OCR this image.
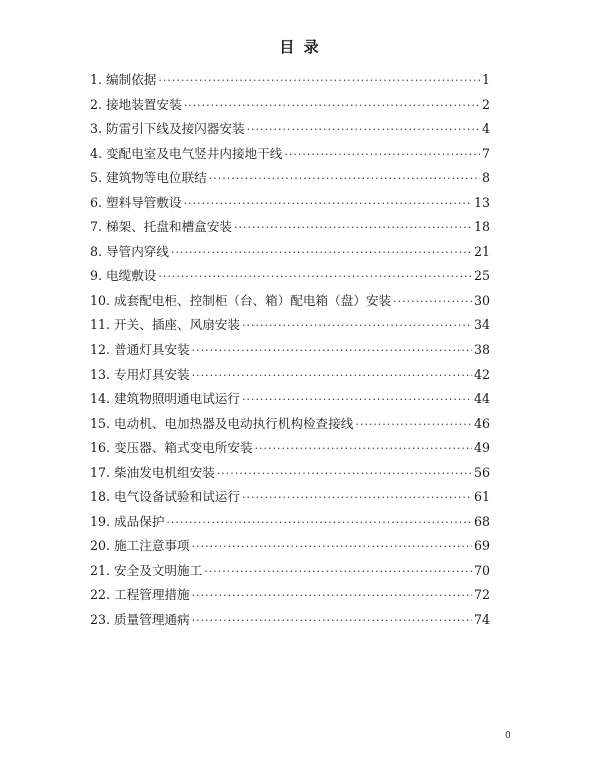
目 录
1. 编制依据 ·····	1
2. 接地装置安装 ·····	2
3. 防雷引下线及接闪器安装 ·····	4
4. 变配电室及电气竖井内接地干线 ·····	7
5. 建筑物等电位联结 ·····	8
6. 塑料导管敷设 ·····	13
7. 梯架、托盘和槽盒安装 ·····	18
8. 导管内穿线 ·····	21
9. 电缆敷设 ·····	25
10. 成套配电柜、控制柜（台、箱）配电箱（盘）安装 ·····	30
11. 开关、插座、风扇安装 ·····	34
12. 普通灯具安装 ·····	38
13. 专用灯具安装 ·····	42
14. 建筑物照明通电试运行 ·····	44
15. 电动机、电加热器及电动执行机构检查接线 ·····	46
16. 变压器、箱式变电所安装 ·····	49
17. 柴油发电机组安装 ·····	56
18. 电气设备试验和试运行 ·····	61
19. 成品保护 ·····	68
20. 施工注意事项 ·····	69
21. 安全及文明施工 ·····	70
22. 工程管理措施 ·····	72
23. 质量管理通病 ·····	74
0
